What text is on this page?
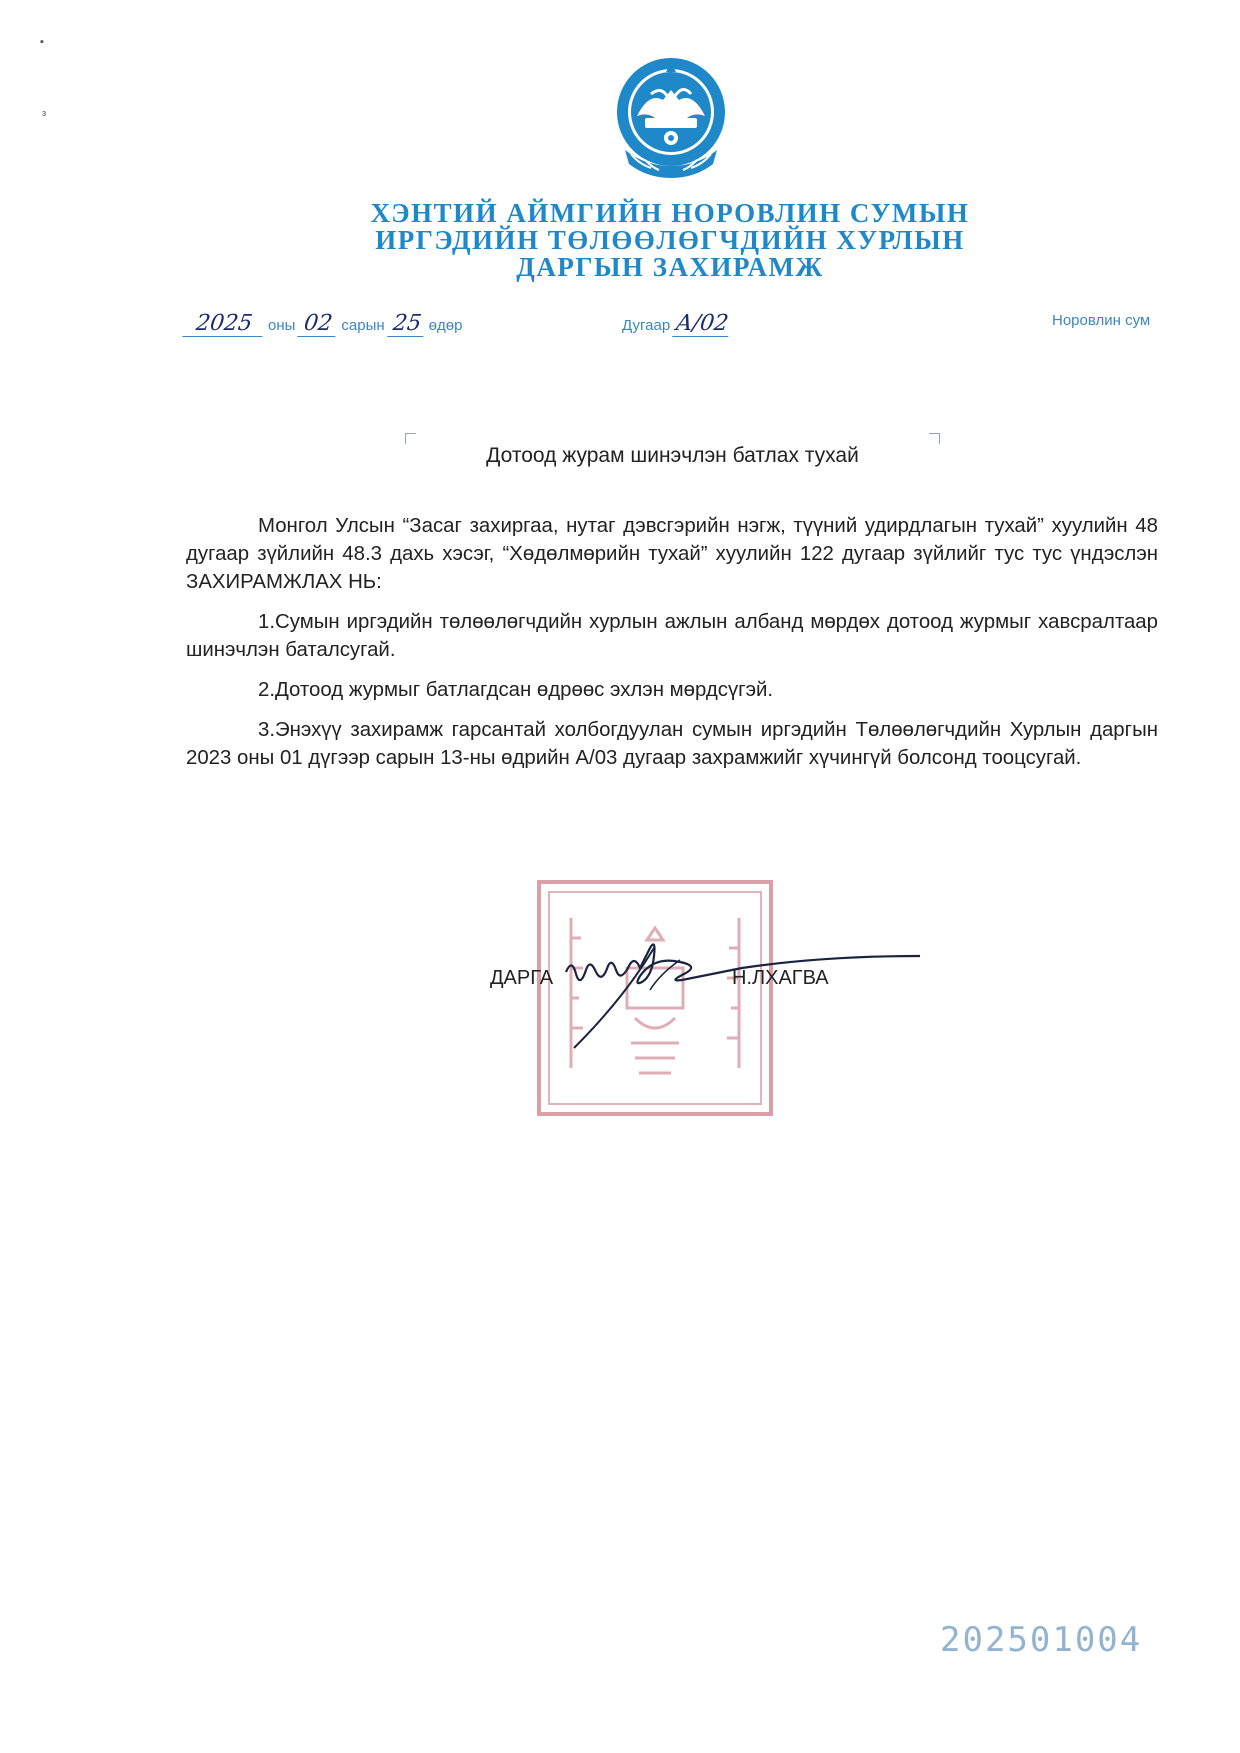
▪
з
ХЭНТИЙ АЙМГИЙН НОРОВЛИН СУМЫН
ИРГЭДИЙН ТӨЛӨӨЛӨГЧДИЙН ХУРЛЫН
ДАРГЫН ЗАХИРАМЖ
2025 оны 02 сарын 25 өдөр	Дугаар А/02	Норовлин сум
Дотоод журам шинэчлэн батлах тухай

Монгол Улсын “Засаг захиргаа, нутаг дэвсгэрийн нэгж, түүний удирдлагын тухай” хуулийн 48 дугаар зүйлийн 48.3 дахь хэсэг, “Хөдөлмөрийн тухай” хуулийн 122 дугаар зүйлийг тус тус үндэслэн ЗАХИРАМЖЛАХ НЬ:

1.Сумын иргэдийн төлөөлөгчдийн хурлын ажлын албанд мөрдөх дотоод журмыг хавсралтаар шинэчлэн баталсугай.

2.Дотоод журмыг батлагдсан өдрөөс эхлэн мөрдсүгэй.

3.Энэхүү захирамж гарсантай холбогдуулан сумын иргэдийн Төлөөлөгчдийн Хурлын даргын 2023 оны 01 дүгээр сарын 13-ны өдрийн А/03 дугаар захрамжийг хүчингүй болсонд тооцсугай.

ДАРГА	Н.ЛХАГВА
202501004
